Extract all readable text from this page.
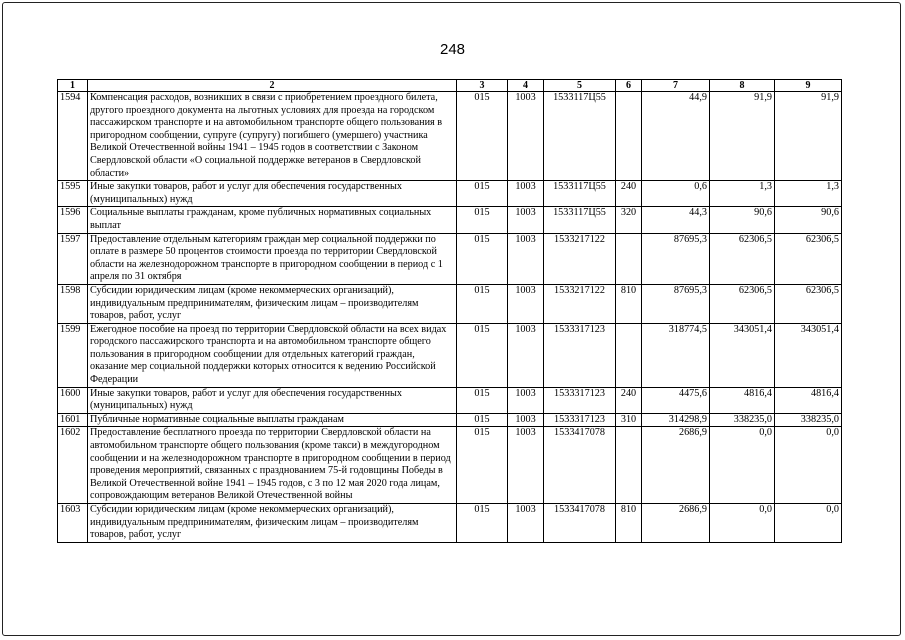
248
1	2	3	4	5	6	7	8	9
1594	Компенсация расходов, возникших в связи с приобретением проездного билета, другого проездного документа на льготных условиях для проезда на городском пассажирском транспорте и на автомобильном транспорте общего пользования в пригородном сообщении, супруге (супругу) погибшего (умершего) участника Великой Отечественной войны 1941 – 1945 годов в соответствии с Законом Свердловской области «О социальной поддержке ветеранов в Свердловской области»	015	1003	1533117Ц55		44,9	91,9	91,9
1595	Иные закупки товаров, работ и услуг для обеспечения государственных (муниципальных) нужд	015	1003	1533117Ц55	240	0,6	1,3	1,3
1596	Социальные выплаты гражданам, кроме публичных нормативных социальных выплат	015	1003	1533117Ц55	320	44,3	90,6	90,6
1597	Предоставление отдельным категориям граждан мер социальной поддержки по оплате в размере 50 процентов стоимости проезда по территории Свердловской области на железнодорожном транспорте в пригородном сообщении в период с 1 апреля по 31 октября	015	1003	1533217122		87695,3	62306,5	62306,5
1598	Субсидии юридическим лицам (кроме некоммерческих организаций), индивидуальным предпринимателям, физическим лицам – производителям товаров, работ, услуг	015	1003	1533217122	810	87695,3	62306,5	62306,5
1599	Ежегодное пособие на проезд по территории Свердловской области на всех видах городского пассажирского транспорта и на автомобильном транспорте общего пользования в пригородном сообщении для отдельных категорий граждан, оказание мер социальной поддержки которых относится к ведению Российской Федерации	015	1003	1533317123		318774,5	343051,4	343051,4
1600	Иные закупки товаров, работ и услуг для обеспечения государственных (муниципальных) нужд	015	1003	1533317123	240	4475,6	4816,4	4816,4
1601	Публичные нормативные социальные выплаты гражданам	015	1003	1533317123	310	314298,9	338235,0	338235,0
1602	Предоставление бесплатного проезда по территории Свердловской области на автомобильном транспорте общего пользования (кроме такси) в междугородном сообщении и на железнодорожном транспорте в пригородном сообщении в период проведения мероприятий, связанных с празднованием 75-й годовщины Победы в Великой Отечественной войне 1941 – 1945 годов, с 3 по 12 мая 2020 года лицам, сопровождающим ветеранов Великой Отечественной войны	015	1003	1533417078		2686,9	0,0	0,0
1603	Субсидии юридическим лицам (кроме некоммерческих организаций), индивидуальным предпринимателям, физическим лицам – производителям товаров, работ, услуг	015	1003	1533417078	810	2686,9	0,0	0,0
